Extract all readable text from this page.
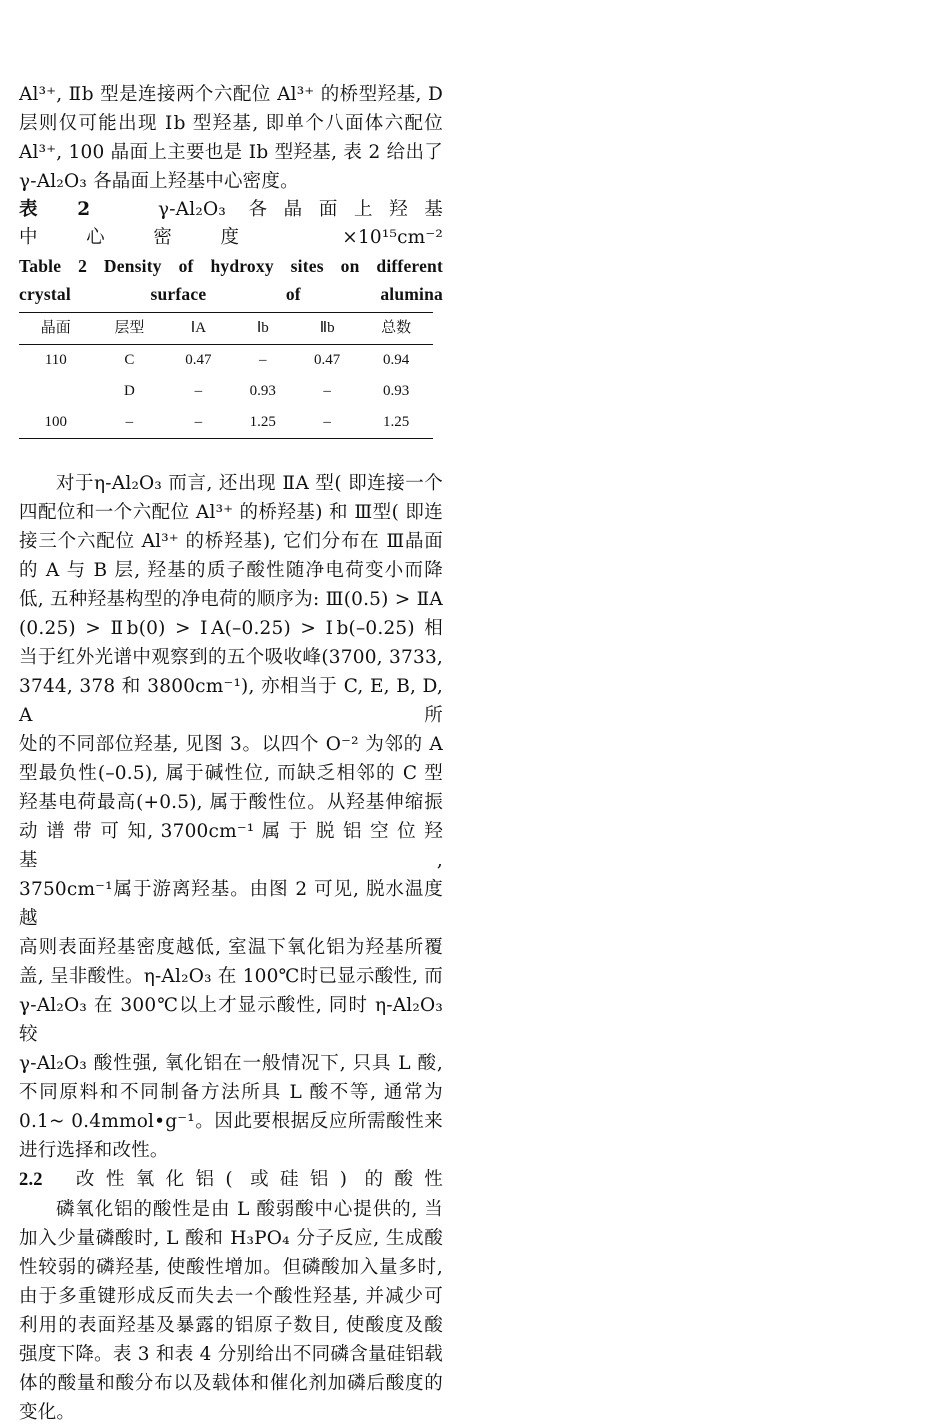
Al³⁺, Ⅱb 型是连接两个六配位 Al³⁺ 的桥型羟基, D

层则仅可能出现 Ⅰb 型羟基, 即单个八面体六配位

Al³⁺, 100 晶面上主要也是 Ⅰb 型羟基, 表 2 给出了

γ-Al₂O₃ 各晶面上羟基中心密度。

表 2	γ-Al₂O₃ 各晶面上羟基

中心密度 ×10¹⁵cm⁻²

Table 2 Density of hydroxy sites on different

crystal surface of alumina

晶面	层型	ⅠA	Ⅰb	Ⅱb	总数
110	C	0.47	–	0.47	0.94
	D	–	0.93	–	0.93
100	–	–	1.25	–	1.25

对于η-Al₂O₃ 而言, 还出现 ⅡA 型( 即连接一个

四配位和一个六配位 Al³⁺ 的桥羟基) 和 Ⅲ型( 即连

接三个六配位 Al³⁺ 的桥羟基), 它们分布在 Ⅲ晶面

的 A 与 B 层, 羟基的质子酸性随净电荷变小而降

低, 五种羟基构型的净电荷的顺序为: Ⅲ(0.5) > ⅡA

(0.25) > Ⅱb(0) > ⅠA(–0.25) > Ⅰb(–0.25) 相

当于红外光谱中观察到的五个吸收峰(3700, 3733,

3744, 378 和 3800cm⁻¹), 亦相当于 C, E, B, D, A 所

处的不同部位羟基, 见图 3。以四个 O⁻² 为邻的 A

型最负性(–0.5), 属于碱性位, 而缺乏相邻的 C 型

羟基电荷最高(+0.5), 属于酸性位。从羟基伸缩振

动 谱 带 可 知, 3700cm⁻¹ 属 于 脱 铝 空 位 羟 基,

3750cm⁻¹属于游离羟基。由图 2 可见, 脱水温度越

高则表面羟基密度越低, 室温下氧化铝为羟基所覆

盖, 呈非酸性。η-Al₂O₃ 在 100℃时已显示酸性, 而

γ-Al₂O₃ 在 300℃以上才显示酸性, 同时 η-Al₂O₃ 较

γ-Al₂O₃ 酸性强, 氧化铝在一般情况下, 只具 L 酸,

不同原料和不同制备方法所具 L 酸不等, 通常为

0.1~ 0.4mmol•g⁻¹。因此要根据反应所需酸性来

进行选择和改性。

2.2 改性氧化铝( 或硅铝) 的酸性

磷氧化铝的酸性是由 L 酸弱酸中心提供的, 当

加入少量磷酸时, L 酸和 H₃PO₄ 分子反应, 生成酸

性较弱的磷羟基, 使酸性增加。但磷酸加入量多时,

由于多重键形成反而失去一个酸性羟基, 并减少可

利用的表面羟基及暴露的铝原子数目, 使酸度及酸

强度下降。表 3 和表 4 分别给出不同磷含量硅铝载

体的酸量和酸分布以及载体和催化剂加磷后酸度的

变化。
